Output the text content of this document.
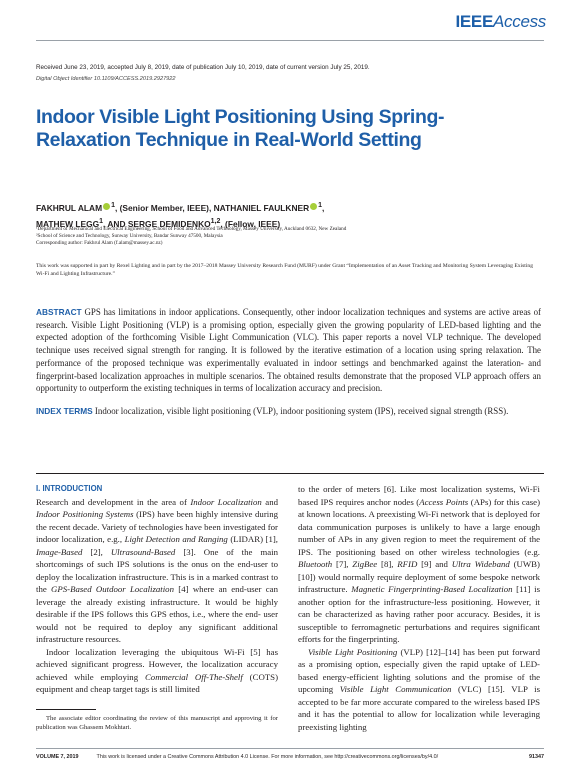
IEEEAccess
Received June 23, 2019, accepted July 8, 2019, date of publication July 10, 2019, date of current version July 25, 2019.
Digital Object Identifier 10.1109/ACCESS.2019.2927922
Indoor Visible Light Positioning Using Spring-Relaxation Technique in Real-World Setting
FAKHRUL ALAM $^1$, (Senior Member, IEEE), NATHANIEL FAULKNER $^1$,
MATHEW LEGG$^1$, AND SERGE DEMIDENKO$^{1,2}$, (Fellow, IEEE)
¹Department of Mechanical and Electrical Engineering, School of Food and Advanced Technology, Massey University, Auckland 0632, New Zealand
²School of Science and Technology, Sunway University, Bandar Sunway 47500, Malaysia
Corresponding author: Fakhrul Alam (f.alam@massey.ac.nz)
This work was supported in part by Rexel Lighting and in part by the 2017–2018 Massey University Research Fund (MURF) under Grant “Implementation of an Asset Tracking and Monitoring System Leveraging Existing Wi-Fi and Lighting Infrastructure.”

ABSTRACT GPS has limitations in indoor applications. Consequently, other indoor localization techniques and systems are active areas of research. Visible Light Positioning (VLP) is a promising option, especially given the growing popularity of LED-based lighting and the expected adoption of the forthcoming Visible Light Communication (VLC). This paper reports a novel VLP technique. The developed technique uses received signal strength for ranging. It is followed by the iterative estimation of a location using spring relaxation. The performance of the proposed technique was experimentally evaluated in indoor settings and benchmarked against the lateration- and fingerprint-based localization approaches in multiple scenarios. The obtained results demonstrate that the proposed VLP approach offers an opportunity to outperform the existing techniques in terms of localization accuracy and precision.

INDEX TERMS Indoor localization, visible light positioning (VLP), indoor positioning system (IPS), received signal strength (RSS).

I. INTRODUCTION

Research and development in the area of Indoor Localization and Indoor Positioning Systems (IPS) have been highly intensive during the recent decade. Variety of technologies have been investigated for indoor localization, e.g., Light Detection and Ranging (LIDAR) [1], Image-Based [2], Ultrasound-Based [3]. One of the main shortcomings of such IPS solutions is the onus on the end-user to deploy the localization infrastructure. This is in a marked contrast to the GPS-Based Outdoor Localization [4] where an end-user can leverage the already existing infrastructure. It would be highly desirable if the IPS follows this GPS ethos, i.e., where the end- user would not be required to deploy any significant additional infrastructure resources.

Indoor localization leveraging the ubiquitous Wi-Fi [5] has achieved significant progress. However, the localization accuracy achieved while employing Commercial Off-The-Shelf (COTS) equipment and cheap target tags is still limited

to the order of meters [6]. Like most localization systems, Wi-Fi based IPS requires anchor nodes (Access Points (APs) for this case) at known locations. A preexisting Wi-Fi network that is deployed for data communication purposes is unlikely to have a large enough number of APs in any given region to meet the requirement of the IPS. The positioning based on other wireless technologies (e.g. Bluetooth [7], ZigBee [8], RFID [9] and Ultra Wideband (UWB) [10]) would normally require deployment of some bespoke network infrastructure. Magnetic Fingerprinting-Based Localization [11] is another option for the infrastructure-less positioning. However, it can be characterized as having rather poor accuracy. Besides, it is susceptible to ferromagnetic perturbations and requires significant efforts for the fingerprinting.

Visible Light Positioning (VLP) [12]–[14] has been put forward as a promising option, especially given the rapid uptake of LED-based energy-efficient lighting solutions and the promise of the upcoming Visible Light Communication (VLC) [15]. VLP is accepted to be far more accurate compared to the wireless based IPS and it has the potential to allow for localization while leveraging preexisting lighting

The associate editor coordinating the review of this manuscript and approving it for publication was Ghassem Mokhtari.
VOLUME 7, 2019	This work is licensed under a Creative Commons Attribution 4.0 License. For more information, see http://creativecommons.org/licenses/by/4.0/	91347
